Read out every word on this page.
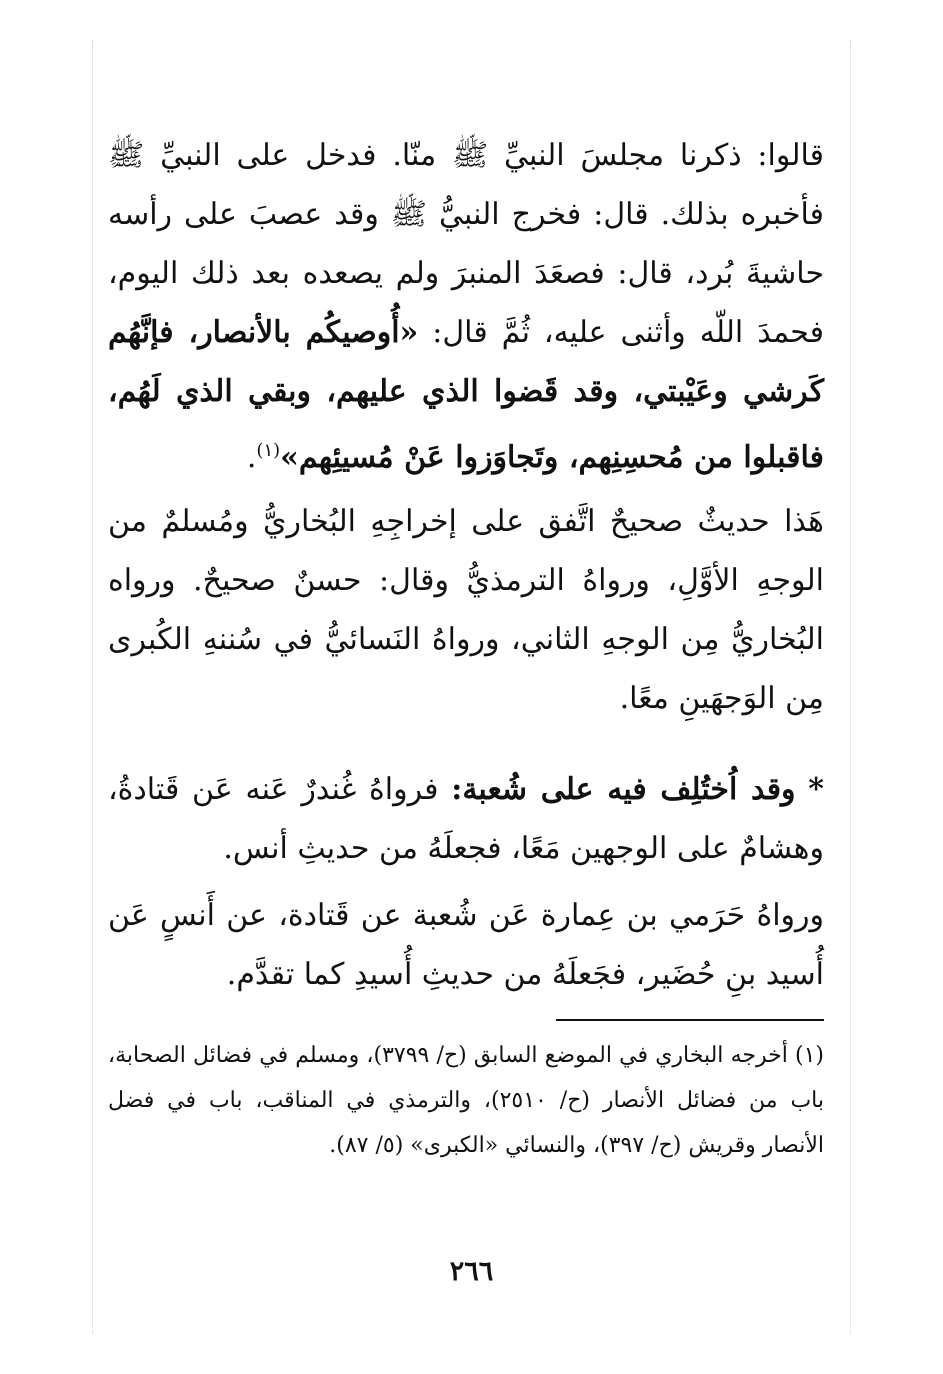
قالوا: ذكرنا مجلسَ النبيِّ ﷺ منّا. فدخل على النبيِّ ﷺ فأخبره بذلك. قال: فخرج النبيُّ ﷺ وقد عصبَ على رأسه حاشيةَ بُرد، قال: فصعَدَ المنبرَ ولم يصعده بعد ذلك اليوم، فحمدَ اللّه وأثنى عليه، ثُمَّ قال: «أُوصيكُم بالأنصار، فإنَّهُم كَرشي وعَيْبتي، وقد قَضوا الذي عليهم، وبقي الذي لَهُم، فاقبلوا من مُحسِنِهم، وتَجاوَزوا عَنْ مُسيئِهم»$^{(١)}$.

هَذا حديثٌ صحيحٌ اتَّفق على إخراجِهِ البُخاريُّ ومُسلمٌ من الوجهِ الأوَّلِ، ورواهُ الترمذيُّ وقال: حسنٌ صحيحٌ. ورواه البُخاريُّ مِن الوجهِ الثاني، ورواهُ النَسائيُّ في سُننهِ الكُبرى مِن الوَجهَينِ معًا.

* وقد اُختُلِف فيه على شُعبة: فرواهُ غُندرٌ عَنه عَن قَتادةُ، وهشامٌ على الوجهين مَعًا، فجعلَهُ من حديثِ أنس.

ورواهُ حَرَمي بن عِمارة عَن شُعبة عن قَتادة، عن أَنسٍ عَن أُسيد بنِ حُضَير، فجَعلَهُ من حديثِ أُسيدِ كما تقدَّم.

(١) أخرجه البخاري في الموضع السابق (ح/ ٣٧٩٩)، ومسلم في فضائل الصحابة، باب من فضائل الأنصار (ح/ ٢٥١٠)، والترمذي في المناقب، باب في فضل الأنصار وقريش (ح/ ٣٩٧)، والنسائي «الكبرى» (٥/ ٨٧).

٢٦٦
